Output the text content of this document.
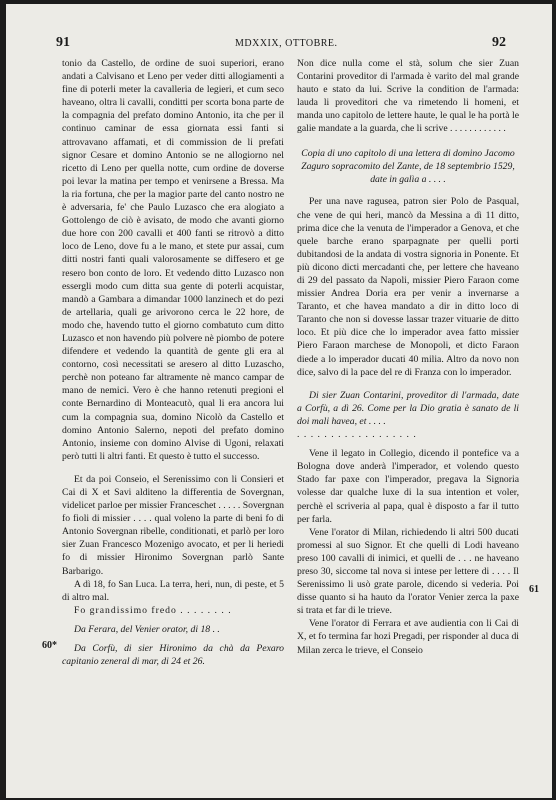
91	MDXXIX, OTTOBRE.	92

tonio da Castello, de ordine de suoi superiori, erano andati a Calvisano et Leno per veder ditti allogiamenti a fine di poterli meter la cavalleria de legieri, et cum seco haveano, oltra li cavalli, conditti per scorta bona parte de la compagnia del prefato domino Antonio, ita che per il continuo caminar de essa giornata essi fanti si attrovavano affamati, et di commission de li prefati signor Cesare et domino Antonio se ne allogiorno nel ricetto di Leno per quella notte, cum ordine de doverse poi levar la matina per tempo et venirsene a Bressa. Ma la ria fortuna, che per la magior parte del canto nostro ne è adversaria, fe' che Paulo Luzasco che era alogiato a Gottolengo de ciò è avisato, de modo che avanti giorno due hore con 200 cavalli et 400 fanti se ritrovò a ditto loco de Leno, dove fu a le mano, et stete pur assai, cum ditti nostri fanti quali valorosamente se diffesero et ge resero bon conto de loro. Et vedendo ditto Luzasco non essergli modo cum ditta sua gente di poterli acquistar, mandò a Gambara a dimandar 1000 lanzinech et do pezi de artellaria, quali ge arivorono cerca le 22 hore, de modo che, havendo tutto el giorno combatuto cum ditto Luzasco et non havendo più polvere nè piombo de potere difendere et vedendo la quantità de gente gli era al contorno, così necessitati se aresero al ditto Luzascho, perchè non poteano far altramente nè manco campar de mano de nemici. Vero è che hanno retenuti pregioni el conte Bernardino di Monteacutò, qual li era ancora lui cum la compagnia sua, domino Nicolò da Castello et domino Antonio Salerno, nepoti del prefato domino Antonio, insieme con domino Alvise di Ugoni, relaxati però tutti li altri fanti. Et questo è tutto el successo.

Et da poi Conseio, el Serenissimo con li Consieri et Cai di X et Savi alditeno la differentia de Sovergnan, videlicet parloe per missier Franceschet . . . . . Sovergnan fo fioli di missier . . . . qual voleno la parte di beni fo di Antonio Sovergnan ribelle, conditionati, et parlò per loro sier Zuan Francesco Mozenigo avocato, et per li heriedi fo di missier Hironimo Sovergnan parlò Sante Barbarigo.

A dì 18, fo San Luca. La terra, heri, nun, di peste, et 5 di altro mal.

Fo grandissimo fredo . . . . . . . .

Da Ferara, del Venier orator, di 18 . .

Da Corfù, di sier Hironimo da chà da Pexaro capitanio zeneral di mar, di 24 et 26.

Non dice nulla come el stà, solum che sier Zuan Contarini proveditor di l'armada è varito del mal grande hauto e stato da lui. Scrive la condition de l'armada: lauda li proveditori che va rimetendo li homeni, et manda uno capitolo de lettere haute, le qual le ha portà le galie mandate a la guarda, che li scrive . . . . . . . . . . . .

Copia di uno capitolo di una lettera di domino Jacomo Zaguro sopracomito del Zante, de 18 septembrio 1529, date in galìa a . . . .

Per una nave ragusea, patron sier Polo de Pasqual, che vene de qui heri, mancò da Messina a dì 11 ditto, prima dice che la venuta de l'imperador a Genova, et che quele barche erano sparpagnate per quelli porti dubitandosi de la andata di vostra signoria in Ponente. Et più dicono dicti mercadanti che, per lettere che haveano di 29 del passato da Napoli, missier Piero Faraon come missier Andrea Doria era per venir a invernarse a Taranto, et che havea mandato a dir in ditto loco di Taranto che non si dovesse lassar trazer vituarie de ditto loco. Et più dice che lo imperador avea fatto missier Piero Faraon marchese de Monopoli, et dicto Faraon diede a lo imperador ducati 40 milia. Altro da novo non dice, salvo di la pace del re di Franza con lo imperador.

Di sier Zuan Contarini, proveditor di l'armada, date a Corfù, a dì 26. Come per la Dio gratia è sanato de li doi mali havea, et . . . .

. . . . . . . . . . . . . . . . . .

Vene il legato in Collegio, dicendo il pontefice va a Bologna dove anderà l'imperador, et volendo questo Stado far paxe con l'imperador, pregava la Signoria volesse dar qualche luxe di la sua intention et voler, perchè el scriveria al papa, qual è disposto a far il tutto per farla.

Vene l'orator di Milan, richiedendo li altri 500 ducati promessi al suo Signor. Et che quelli di Lodi haveano preso 100 cavalli di inimici, et quelli de . . . ne haveano preso 30, siccome tal nova si intese per lettere di . . . . Il Serenissimo li usò grate parole, dicendo si vederia. Poi disse quanto si ha hauto da l'orator Venier zerca la paxe si trata et far di le trieve.

Vene l'orator di Ferrara et ave audientia con li Cai di X, et fo termina far hozi Pregadi, per risponder al duca di Milan zerca le trieve, el Conseio

60*
61
